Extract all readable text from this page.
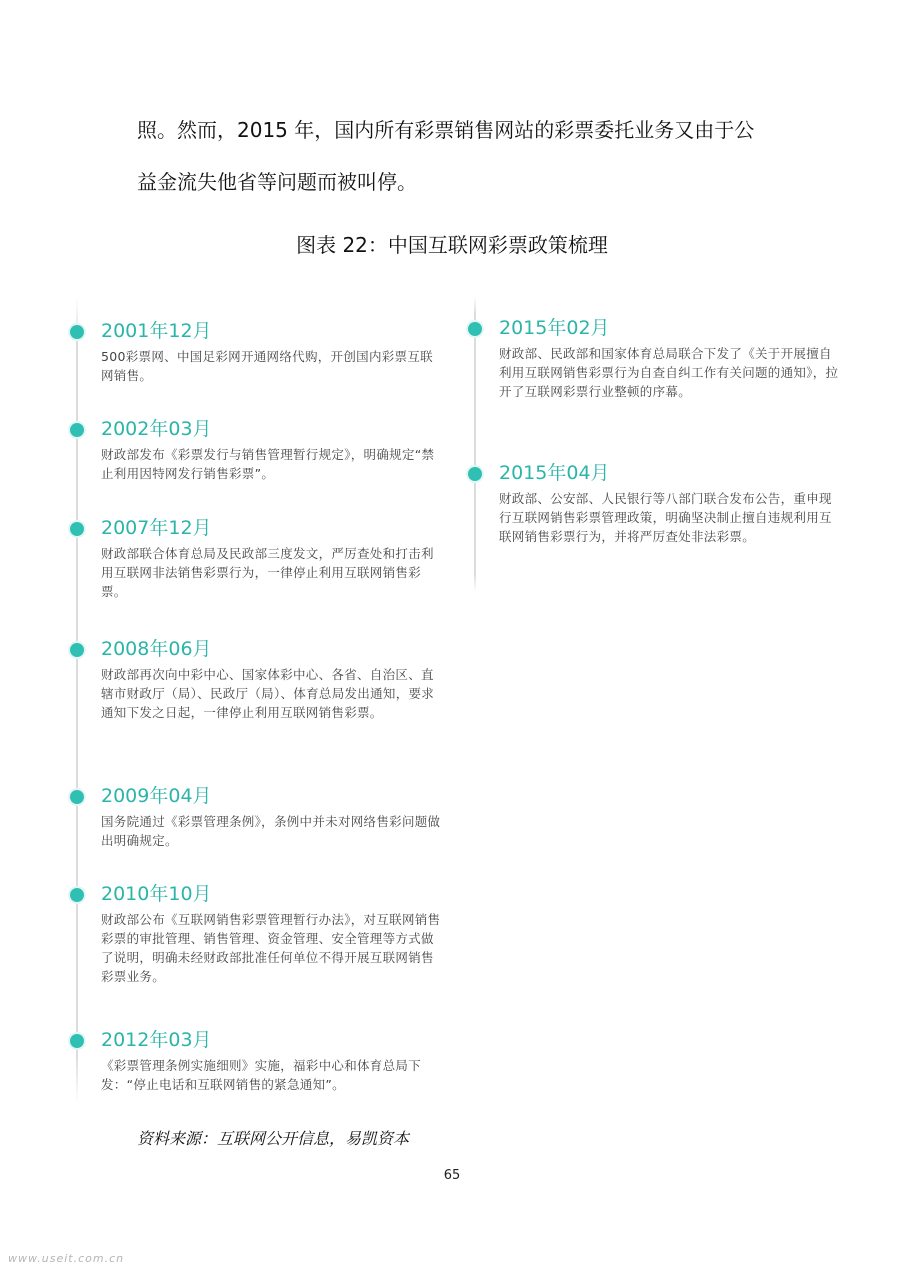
照。然而，2015 年，国内所有彩票销售网站的彩票委托业务又由于公
益金流失他省等问题而被叫停。
图表 22：中国互联网彩票政策梳理
2001年12月
500彩票网、中国足彩网开通网络代购，开创国内彩票互联网销售。
2002年03月
财政部发布《彩票发行与销售管理暂行规定》，明确规定“禁止利用因特网发行销售彩票”。
2007年12月
财政部联合体育总局及民政部三度发文，严厉查处和打击利用互联网非法销售彩票行为，一律停止利用互联网销售彩票。
2008年06月
财政部再次向中彩中心、国家体彩中心、各省、自治区、直辖市财政厅（局）、民政厅（局）、体育总局发出通知，要求通知下发之日起，一律停止利用互联网销售彩票。
2009年04月
国务院通过《彩票管理条例》，条例中并未对网络售彩问题做出明确规定。
2010年10月
财政部公布《互联网销售彩票管理暂行办法》，对互联网销售彩票的审批管理、销售管理、资金管理、安全管理等方式做了说明，明确未经财政部批准任何单位不得开展互联网销售彩票业务。
2012年03月
《彩票管理条例实施细则》实施，福彩中心和体育总局下发：“停止电话和互联网销售的紧急通知”。
2015年02月
财政部、民政部和国家体育总局联合下发了《关于开展擅自利用互联网销售彩票行为自查自纠工作有关问题的通知》，拉开了互联网彩票行业整顿的序幕。
2015年04月
财政部、公安部、人民银行等八部门联合发布公告，重申现行互联网销售彩票管理政策，明确坚决制止擅自违规利用互联网销售彩票行为，并将严厉查处非法彩票。
资料来源：互联网公开信息，易凯资本
65
www.useit.com.cn
